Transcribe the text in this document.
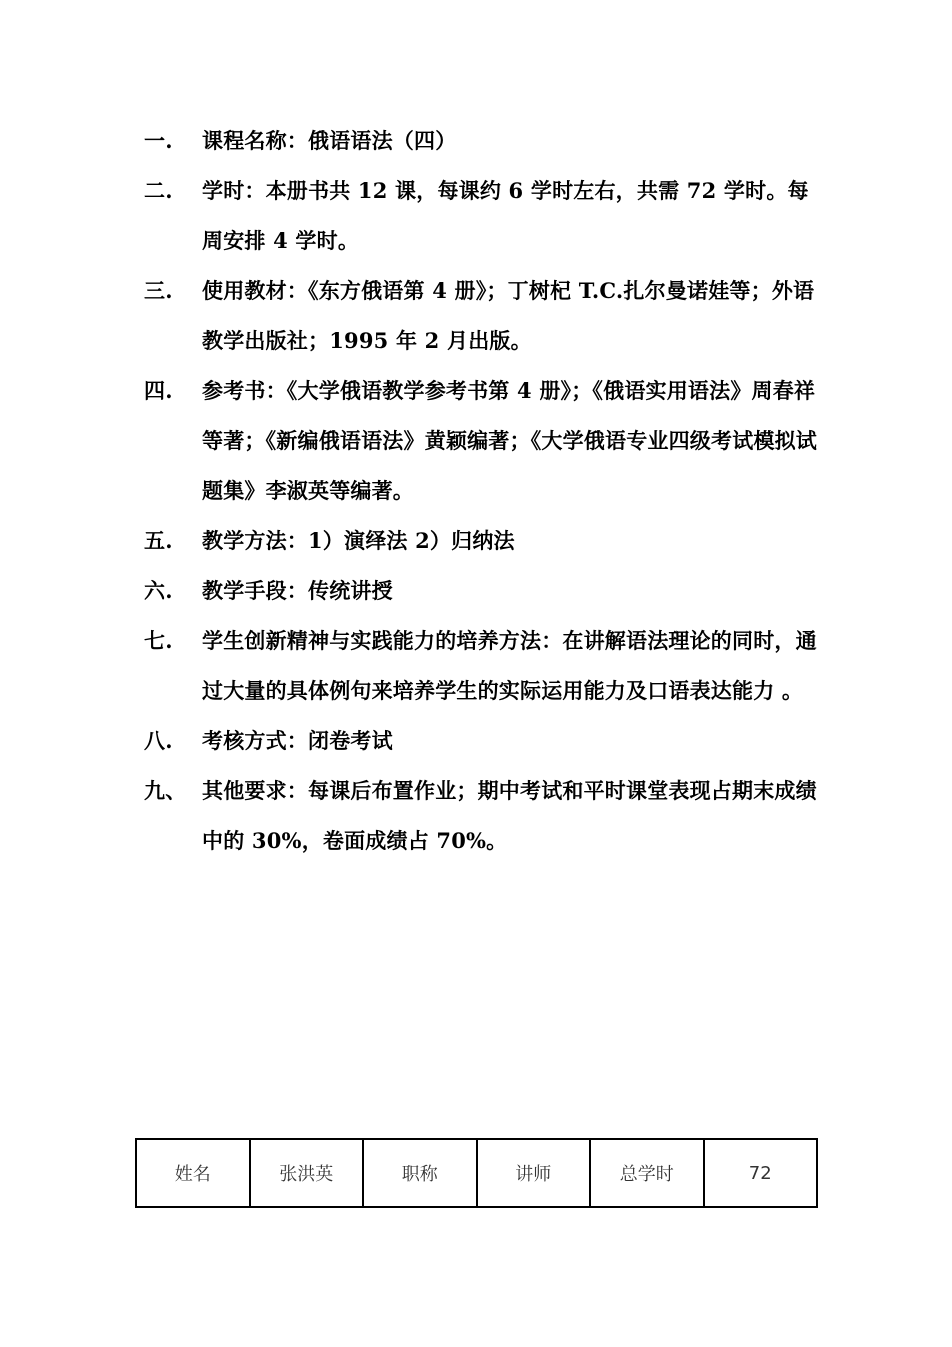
一.	课程名称：俄语语法（四）
二.	学时：本册书共 12 课，每课约 6 学时左右，共需 72 学时。每周安排 4 学时。
三.	使用教材：《东方俄语第 4 册》；丁树杞 T.C.扎尔曼诺娃等；外语教学出版社；1995 年 2 月出版。
四.	参考书：《大学俄语教学参考书第 4 册》；《俄语实用语法》周春祥等著；《新编俄语语法》黄颖编著；《大学俄语专业四级考试模拟试题集》李淑英等编著。
五.	教学方法：1）演绎法 2）归纳法
六.	教学手段：传统讲授
七.	学生创新精神与实践能力的培养方法：在讲解语法理论的同时，通过大量的具体例句来培养学生的实际运用能力及口语表达能力 。
八.	考核方式：闭卷考试
九、 其他要求：每课后布置作业；期中考试和平时课堂表现占期末成绩中的 30%，卷面成绩占 70%。
姓名	张洪英	职称	讲师	总学时	72
